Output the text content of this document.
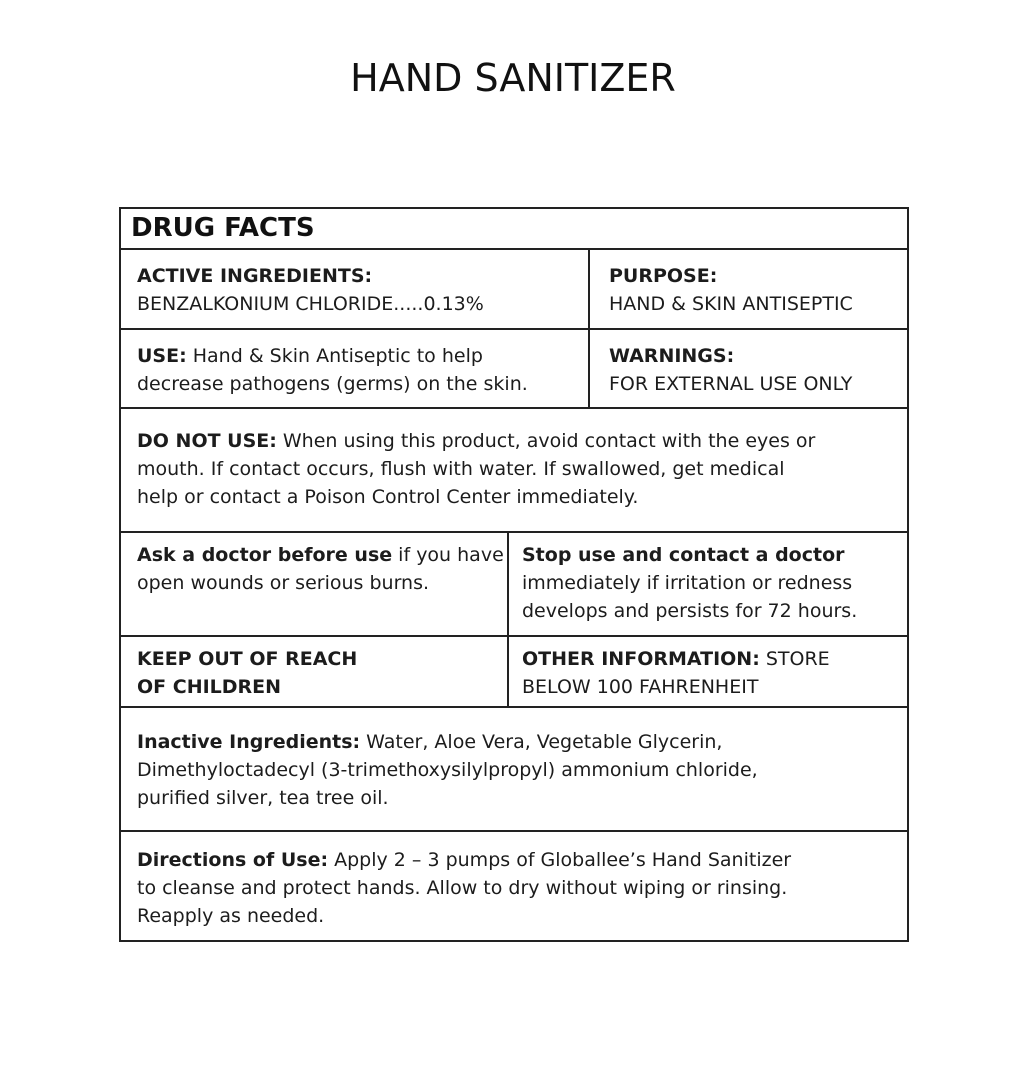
HAND SANITIZER
DRUG FACTS
ACTIVE INGREDIENTS:
BENZALKONIUM CHLORIDE.....0.13%
PURPOSE:
HAND & SKIN ANTISEPTIC
USE: Hand & Skin Antiseptic to help
decrease pathogens (germs) on the skin.
WARNINGS:
FOR EXTERNAL USE ONLY
DO NOT USE: When using this product, avoid contact with the eyes or
mouth. If contact occurs, flush with water. If swallowed, get medical
help or contact a Poison Control Center immediately.
Ask a doctor before use if you have
open wounds or serious burns.
Stop use and contact a doctor
immediately if irritation or redness
develops and persists for 72 hours.
KEEP OUT OF REACH
OF CHILDREN
OTHER INFORMATION: STORE
BELOW 100 FAHRENHEIT
Inactive Ingredients: Water, Aloe Vera, Vegetable Glycerin,
Dimethyloctadecyl (3-trimethoxysilylpropyl) ammonium chloride,
purified silver, tea tree oil.
Directions of Use: Apply 2 – 3 pumps of Globallee’s Hand Sanitizer
to cleanse and protect hands. Allow to dry without wiping or rinsing.
Reapply as needed.
